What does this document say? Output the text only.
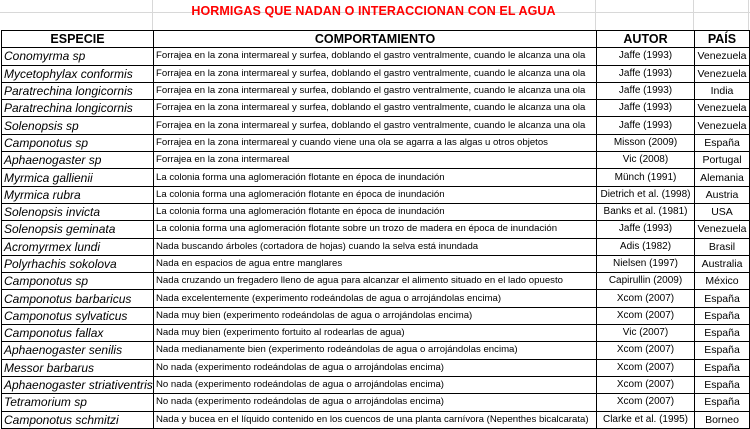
HORMIGAS QUE NADAN O INTERACCIONAN CON EL AGUA
ESPECIE	COMPORTAMIENTO	AUTOR	PAÍS
Conomyrma sp	Forrajea en la zona intermareal y surfea, doblando el gastro ventralmente, cuando le alcanza una ola	Jaffe (1993)	Venezuela
Mycetophylax conformis	Forrajea en la zona intermareal y surfea, doblando el gastro ventralmente, cuando le alcanza una ola	Jaffe (1993)	Venezuela
Paratrechina longicornis	Forrajea en la zona intermareal y surfea, doblando el gastro ventralmente, cuando le alcanza una ola	Jaffe (1993)	India
Paratrechina longicornis	Forrajea en la zona intermareal y surfea, doblando el gastro ventralmente, cuando le alcanza una ola	Jaffe (1993)	Venezuela
Solenopsis sp	Forrajea en la zona intermareal y surfea, doblando el gastro ventralmente, cuando le alcanza una ola	Jaffe (1993)	Venezuela
Camponotus sp	Forrajea en la zona intermareal y cuando viene una ola se agarra a las algas u otros objetos	Misson (2009)	España
Aphaenogaster sp	Forrajea en la zona intermareal	Vic (2008)	Portugal
Myrmica gallienii	La colonia forma una aglomeración flotante en época de inundación	Münch (1991)	Alemania
Myrmica rubra	La colonia forma una aglomeración flotante en época de inundación	Dietrich et al. (1998)	Austria
Solenopsis invicta	La colonia forma una aglomeración flotante en época de inundación	Banks et al. (1981)	USA
Solenopsis geminata	La colonia forma una aglomeración flotante sobre un trozo de madera en época de inundación	Jaffe (1993)	Venezuela
Acromyrmex lundi	Nada buscando árboles (cortadora de hojas) cuando la selva está inundada	Adis (1982)	Brasil
Polyrhachis sokolova	Nada en espacios de agua entre manglares	Nielsen (1997)	Australia
Camponotus sp	Nada cruzando un fregadero lleno de agua para alcanzar el alimento situado en el lado opuesto	Capirullin (2009)	México
Camponotus barbaricus	Nada excelentemente (experimento rodeándolas de agua o arrojándolas encima)	Xcom (2007)	España
Camponotus sylvaticus	Nada muy bien (experimento rodeándolas de agua o arrojándolas encima)	Xcom (2007)	España
Camponotus fallax	Nada muy bien (experimento fortuito al rodearlas de agua)	Vic (2007)	España
Aphaenogaster senilis	Nada medianamente bien (experimento rodeándolas de agua o arrojándolas encima)	Xcom (2007)	España
Messor barbarus	No nada (experimento rodeándolas de agua o arrojándolas encima)	Xcom (2007)	España
Aphaenogaster striativentris	No nada (experimento rodeándolas de agua o arrojándolas encima)	Xcom (2007)	España
Tetramorium sp	No nada (experimento rodeándolas de agua o arrojándolas encima)	Xcom (2007)	España
Camponotus schmitzi	Nada y bucea en el líquido contenido en los cuencos de una planta carnívora (Nepenthes bicalcarata)	Clarke et al. (1995)	Borneo
